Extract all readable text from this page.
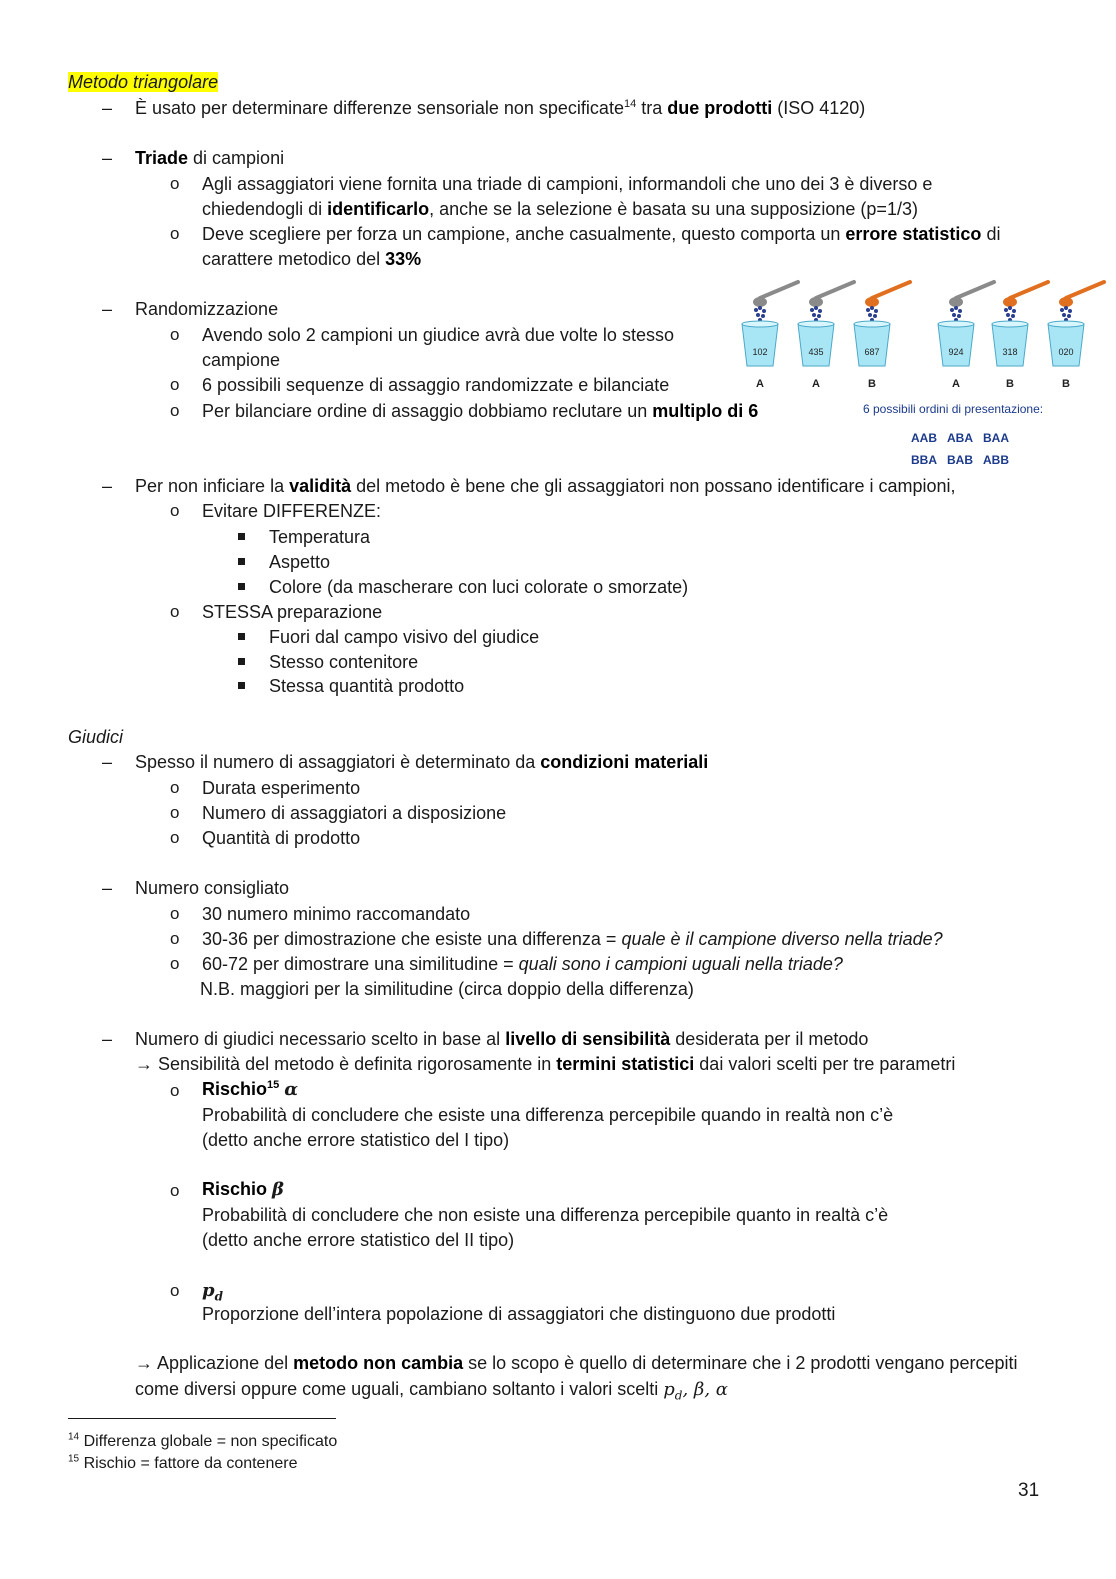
Metodo triangolare
– È usato per determinare differenze sensoriale non specificate$^{14}$ tra due prodotti (ISO 4120)
– Triade di campioni
o Agli assaggiatori viene fornita una triade di campioni, informandoli che uno dei 3 è diverso e
chiedendogli di identificarlo, anche se la selezione è basata su una supposizione (p=1/3)
o Deve scegliere per forza un campione, anche casualmente, questo comporta un errore statistico di
carattere metodico del 33%
– Randomizzazione
o Avendo solo 2 campioni un giudice avrà due volte lo stesso
campione
o 6 possibili sequenze di assaggio randomizzate e bilanciate
o Per bilanciare ordine di assaggio dobbiamo reclutare un multiplo di 6
102
A
435
A
687
B
924
A
318
B
020
B
6 possibili ordini di presentazione:
AAB ABA BAA
BBA BAB ABB
– Per non inficiare la validità del metodo è bene che gli assaggiatori non possano identificare i campioni,
o Evitare DIFFERENZE:
Temperatura
Aspetto
Colore (da mascherare con luci colorate o smorzate)
o STESSA preparazione
Fuori dal campo visivo del giudice
Stesso contenitore
Stessa quantità prodotto
Giudici
– Spesso il numero di assaggiatori è determinato da condizioni materiali
o Durata esperimento
o Numero di assaggiatori a disposizione
o Quantità di prodotto
– Numero consigliato
o 30 numero minimo raccomandato
o 30-36 per dimostrazione che esiste una differenza = quale è il campione diverso nella triade?
o 60-72 per dimostrare una similitudine = quali sono i campioni uguali nella triade?
N.B. maggiori per la similitudine (circa doppio della differenza)
– Numero di giudici necessario scelto in base al livello di sensibilità desiderata per il metodo
→ Sensibilità del metodo è definita rigorosamente in termini statistici dai valori scelti per tre parametri
o Rischio$^{15}$ α
Probabilità di concludere che esiste una differenza percepibile quando in realtà non c’è
(detto anche errore statistico del I tipo)
o Rischio β
Probabilità di concludere che non esiste una differenza percepibile quanto in realtà c’è
(detto anche errore statistico del II tipo)
o $p_d$
Proporzione dell’intera popolazione di assaggiatori che distinguono due prodotti
→ Applicazione del metodo non cambia se lo scopo è quello di determinare che i 2 prodotti vengano percepiti
come diversi oppure come uguali, cambiano soltanto i valori scelti $p_d$, β, α
$^{14}$ Differenza globale = non specificato
$^{15}$ Rischio = fattore da contenere
31
